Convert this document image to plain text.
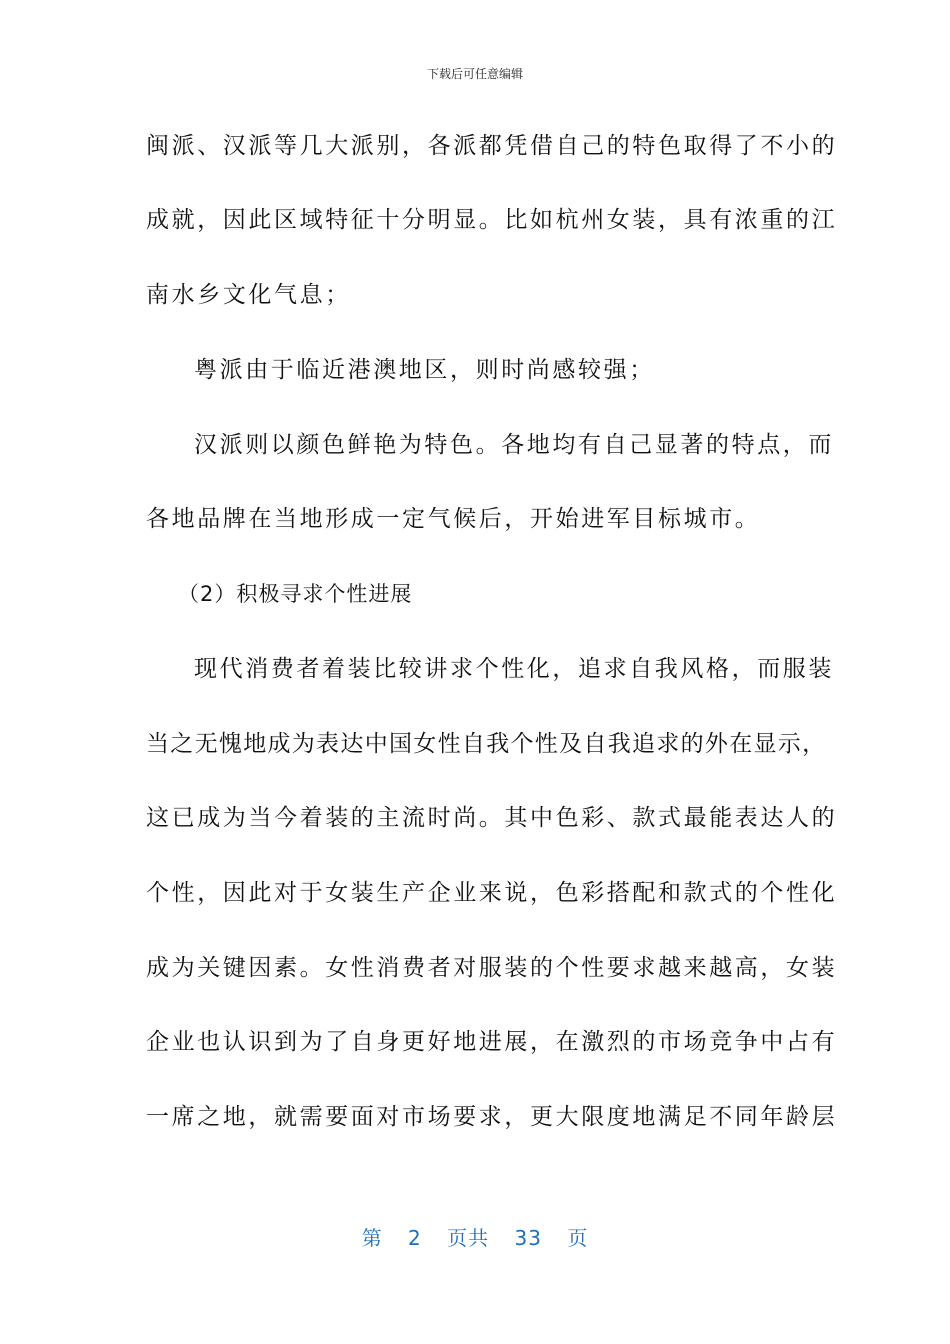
下载后可任意编辑
闽派、汉派等几大派别，各派都凭借自己的特色取得了不小的
成就，因此区域特征十分明显。比如杭州女装，具有浓重的江
南水乡文化气息；
粤派由于临近港澳地区，则时尚感较强；
汉派则以颜色鲜艳为特色。各地均有自己显著的特点，而
各地品牌在当地形成一定气候后，开始进军目标城市。
（2）积极寻求个性进展
现代消费者着装比较讲求个性化，追求自我风格，而服装
当之无愧地成为表达中国女性自我个性及自我追求的外在显示，
这已成为当今着装的主流时尚。其中色彩、款式最能表达人的
个性，因此对于女装生产企业来说，色彩搭配和款式的个性化
成为关键因素。女性消费者对服装的个性要求越来越高，女装
企业也认识到为了自身更好地进展，在激烈的市场竞争中占有
一席之地，就需要面对市场要求，更大限度地满足不同年龄层
第 2 页共 33 页
